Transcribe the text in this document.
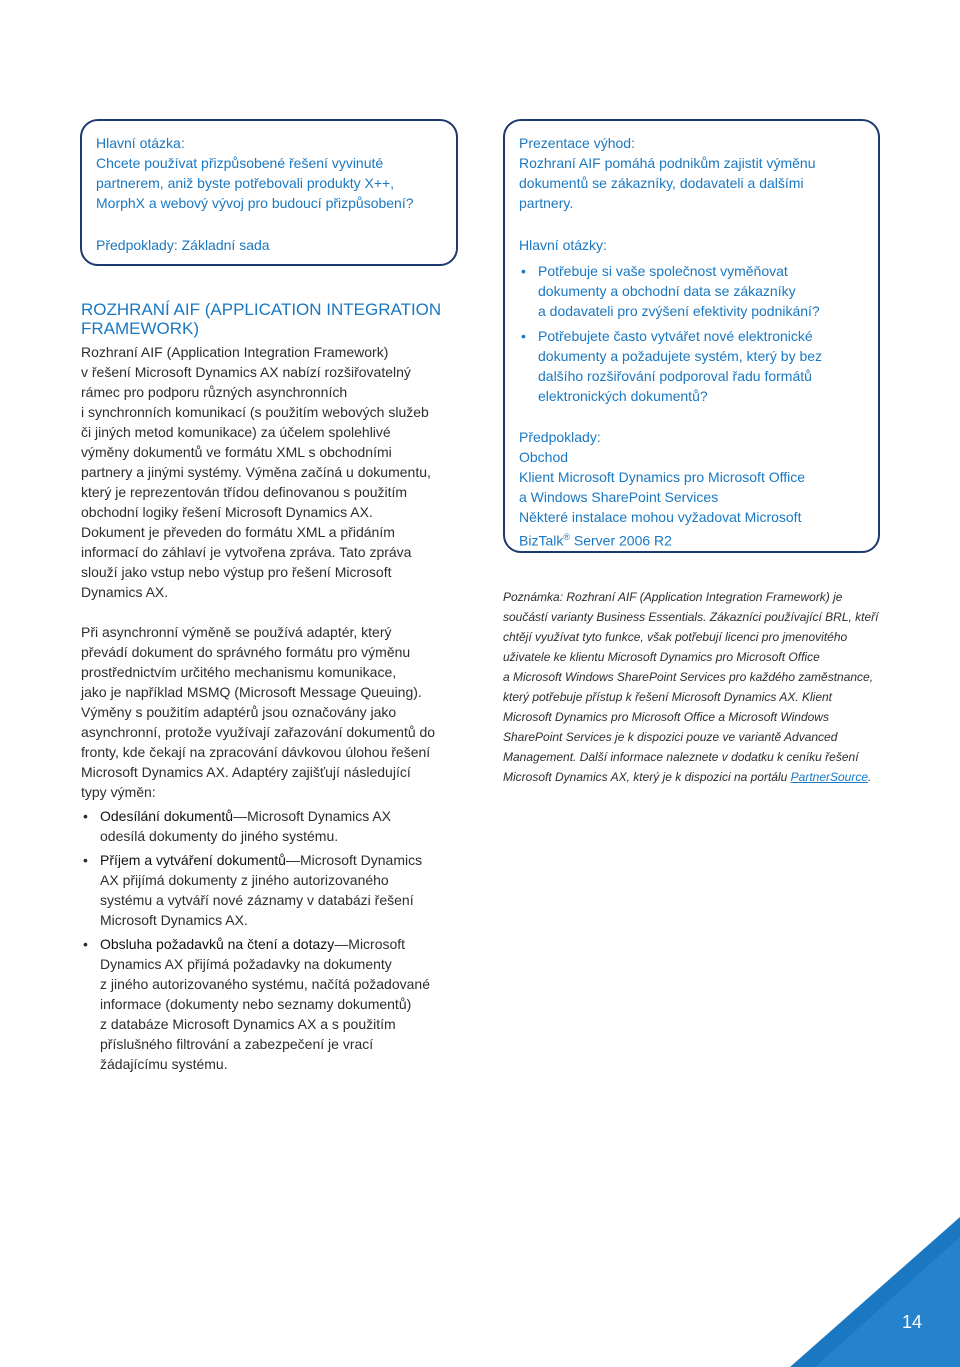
Hlavní otázka:

Chcete používat přizpůsobené řešení vyvinuté

partnerem, aniž byste potřebovali produkty X++,

MorphX a webový vývoj pro budoucí přizpůsobení?

Předpoklady: Základní sada

ROZHRANÍ AIF (APPLICATION INTEGRATION
FRAMEWORK)

Rozhraní AIF (Application Integration Framework)

v řešení Microsoft Dynamics AX nabízí rozšiřovatelný

rámec pro podporu různých asynchronních

i synchronních komunikací (s použitím webových služeb

či jiných metod komunikace) za účelem spolehlivé

výměny dokumentů ve formátu XML s obchodními

partnery a jinými systémy. Výměna začíná u dokumentu,

který je reprezentován třídou definovanou s použitím

obchodní logiky řešení Microsoft Dynamics AX.

Dokument je převeden do formátu XML a přidáním

informací do záhlaví je vytvořena zpráva. Tato zpráva

slouží jako vstup nebo výstup pro řešení Microsoft

Dynamics AX.

Při asynchronní výměně se používá adaptér, který

převádí dokument do správného formátu pro výměnu

prostřednictvím určitého mechanismu komunikace,

jako je například MSMQ (Microsoft Message Queuing).

Výměny s použitím adaptérů jsou označovány jako

asynchronní, protože využívají zařazování dokumentů do

fronty, kde čekají na zpracování dávkovou úlohou řešení

Microsoft Dynamics AX. Adaptéry zajišťují následující

typy výměn:

• Odesílání dokumentů—Microsoft Dynamics AX

odesílá dokumenty do jiného systému.

• Příjem a vytváření dokumentů—Microsoft Dynamics

AX přijímá dokumenty z jiného autorizovaného

systému a vytváří nové záznamy v databázi řešení

Microsoft Dynamics AX.

• Obsluha požadavků na čtení a dotazy—Microsoft

Dynamics AX přijímá požadavky na dokumenty

z jiného autorizovaného systému, načítá požadované

informace (dokumenty nebo seznamy dokumentů)

z databáze Microsoft Dynamics AX a s použitím

příslušného filtrování a zabezpečení je vrací

žádajícímu systému.

Prezentace výhod:

Rozhraní AIF pomáhá podnikům zajistit výměnu

dokumentů se zákazníky, dodavateli a dalšími

partnery.

Hlavní otázky:

• Potřebuje si vaše společnost vyměňovat

dokumenty a obchodní data se zákazníky

a dodavateli pro zvýšení efektivity podnikání?

• Potřebujete často vytvářet nové elektronické

dokumenty a požadujete systém, který by bez

dalšího rozšiřování podporoval řadu formátů

elektronických dokumentů?

Předpoklady:

Obchod

Klient Microsoft Dynamics pro Microsoft Office

a Windows SharePoint Services

Některé instalace mohou vyžadovat Microsoft

BizTalk® Server 2006 R2

Poznámka: Rozhraní AIF (Application Integration Framework) je
součástí varianty Business Essentials. Zákazníci používající BRL, kteří
chtějí využívat tyto funkce, však potřebují licenci pro jmenovitého
uživatele ke klientu Microsoft Dynamics pro Microsoft Office
a Microsoft Windows SharePoint Services pro každého zaměstnance,
který potřebuje přístup k řešení Microsoft Dynamics AX. Klient
Microsoft Dynamics pro Microsoft Office a Microsoft Windows
SharePoint Services je k dispozici pouze ve variantě Advanced
Management. Další informace naleznete v dodatku k ceníku řešení
Microsoft Dynamics AX, který je k dispozici na portálu PartnerSource.
14
